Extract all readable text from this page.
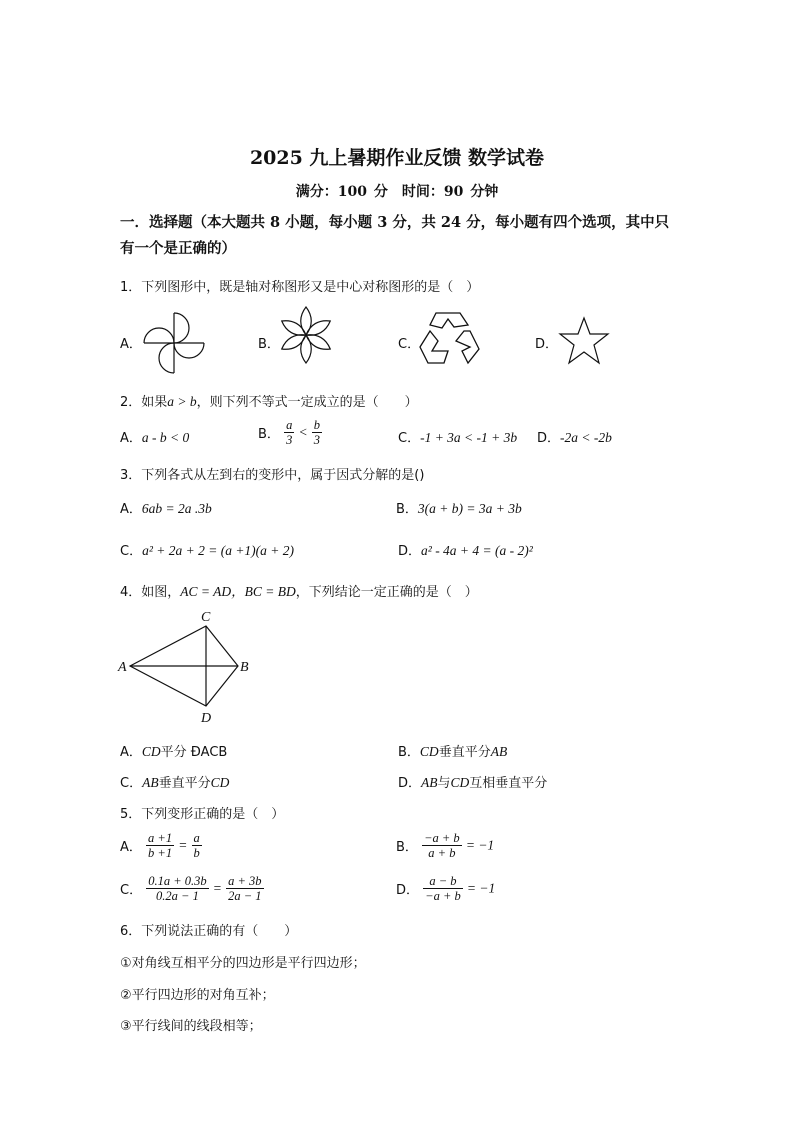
2025 九上暑期作业反馈 数学试卷
满分：100 分　时间：90 分钟
一．选择题（本大题共 8 小题，每小题 3 分，共 24 分，每小题有四个选项，其中只有一个是正确的）
1．下列图形中，既是轴对称图形又是中心对称图形的是（　）
A．	B．	C．	D．
2．如果a > b，则下列不等式一定成立的是（　　）
A．a - b < 0	B． $\frac{a}{3} < \frac{b}{3}$	C．-1 + 3a < -1 + 3b D．-2a < -2b
3．下列各式从左到右的变形中，属于因式分解的是()
A．6ab = 2a .3b	B．3(a + b) = 3a + 3b
C．a² + 2a + 2 = (a +1)(a + 2)	D．a² - 4a + 4 = (a - 2)²
4．如图，AC = AD，BC = BD，下列结论一定正确的是（　）
C
A	B
D
A．CD平分 ÐACB	B．CD垂直平分AB
C．AB垂直平分CD	D．AB与CD互相垂直平分
5．下列变形正确的是（　）
A． $\frac{a +1}{b +1} = \frac{a}{b}$	B． $\frac{-a + b}{a + b} = -1$
C． $\frac{0.1a + 0.3b}{0.2a - 1} = \frac{a + 3b}{2a - 1}$	D． $\frac{a - b}{-a + b} = -1$
6．下列说法正确的有（　　）
①对角线互相平分的四边形是平行四边形；
②平行四边形的对角互补；
③平行线间的线段相等；
